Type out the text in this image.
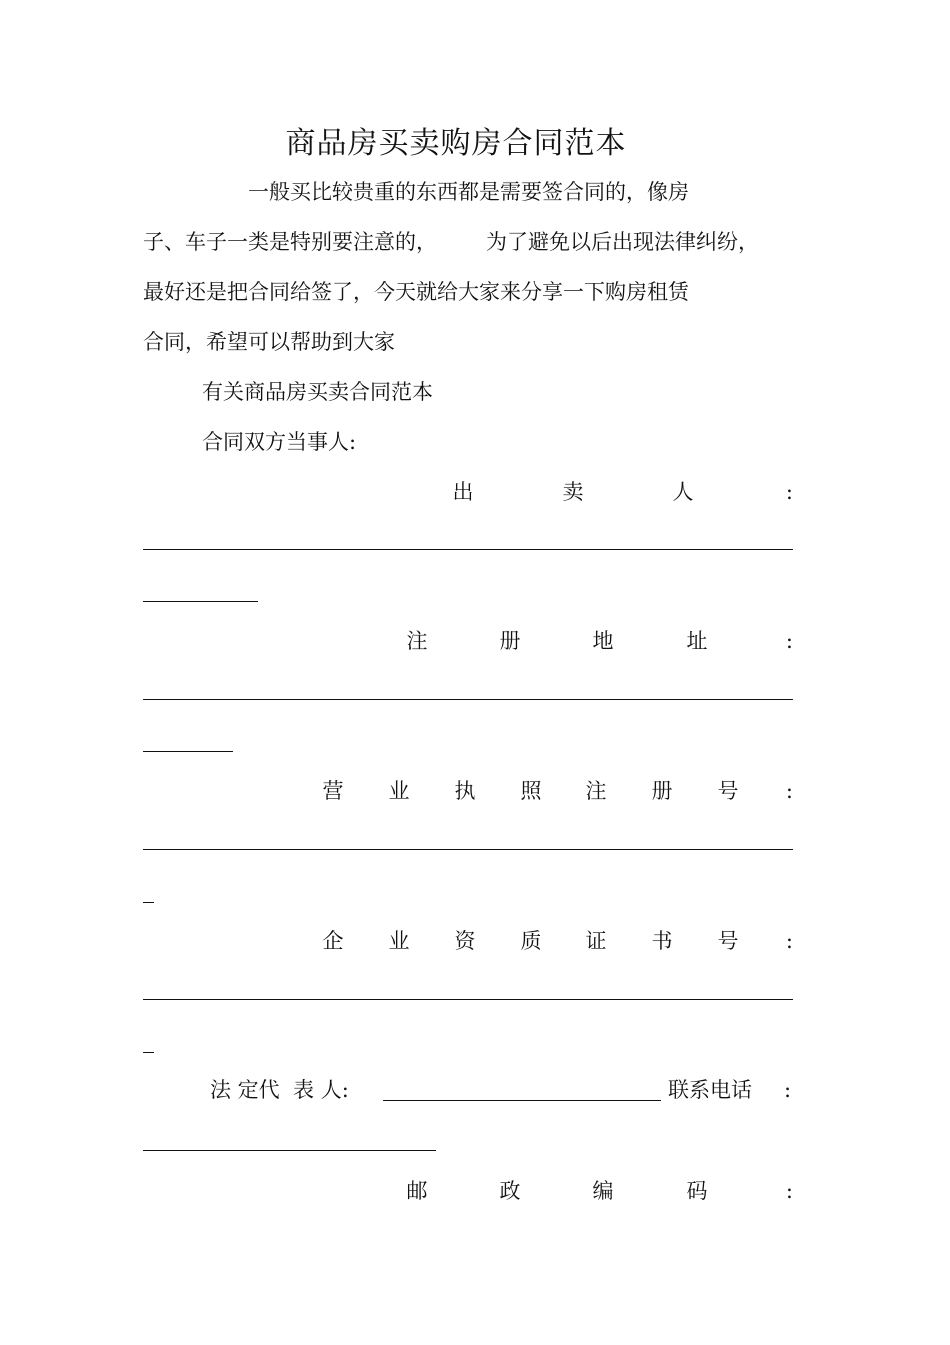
商品房买卖购房合同范本
一般买比较贵重的东西都是需要签合同的，像房
子、车子一类是特别要注意的， 为了避免以后出现法律纠纷，
最好还是把合同给签了，今天就给大家来分享一下购房租赁
合同，希望可以帮助到大家
有关商品房买卖合同范本
合同双方当事人:
出	卖	人	:
注	册	地	址	:
营 业 执 照 注 册 号 :
企 业 资 质 证 书 号 :
法 定代  表 人:	联系电话 :
邮	政	编	码	:
